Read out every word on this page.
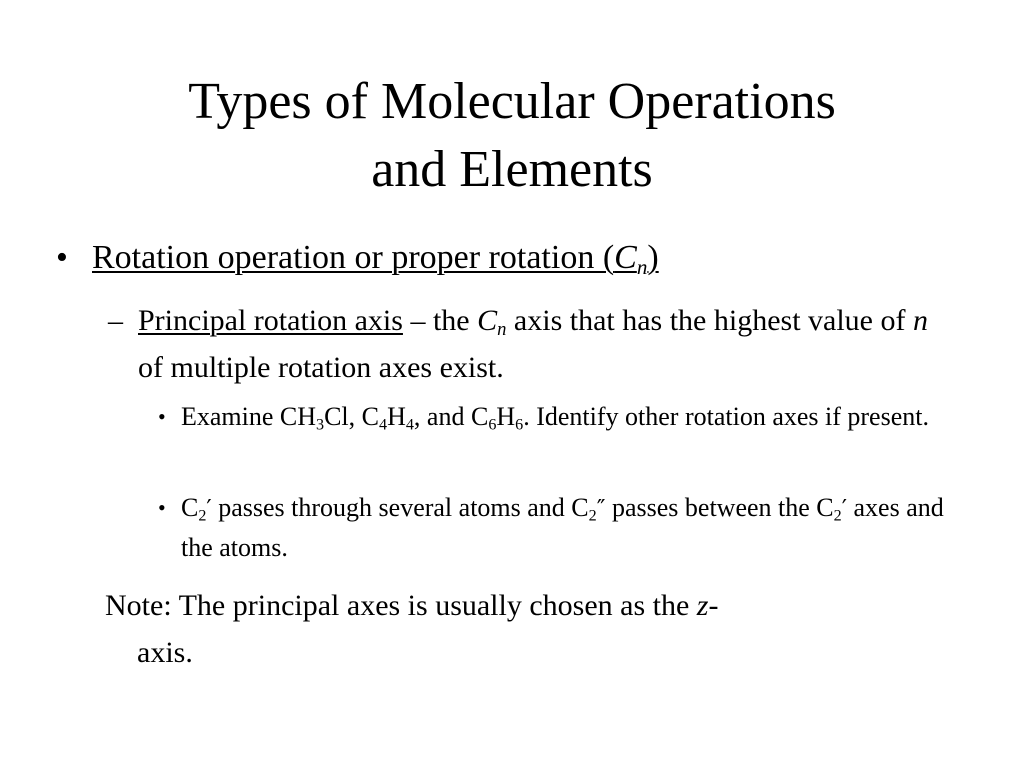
Types of Molecular Operations
and Elements
• Rotation operation or proper rotation $(C_n)$
– Principal rotation axis – the $C_n$ axis that has the highest value of n of multiple rotation axes exist.
• Examine $CH_3Cl$, $C_4H_4$, and $C_6H_6$. Identify other rotation axes if present.
• $C_2'$ passes through several atoms and $C_2''$ passes between the $C_2'$ axes and the atoms.
Note: The principal axes is usually chosen as the z-
axis.
